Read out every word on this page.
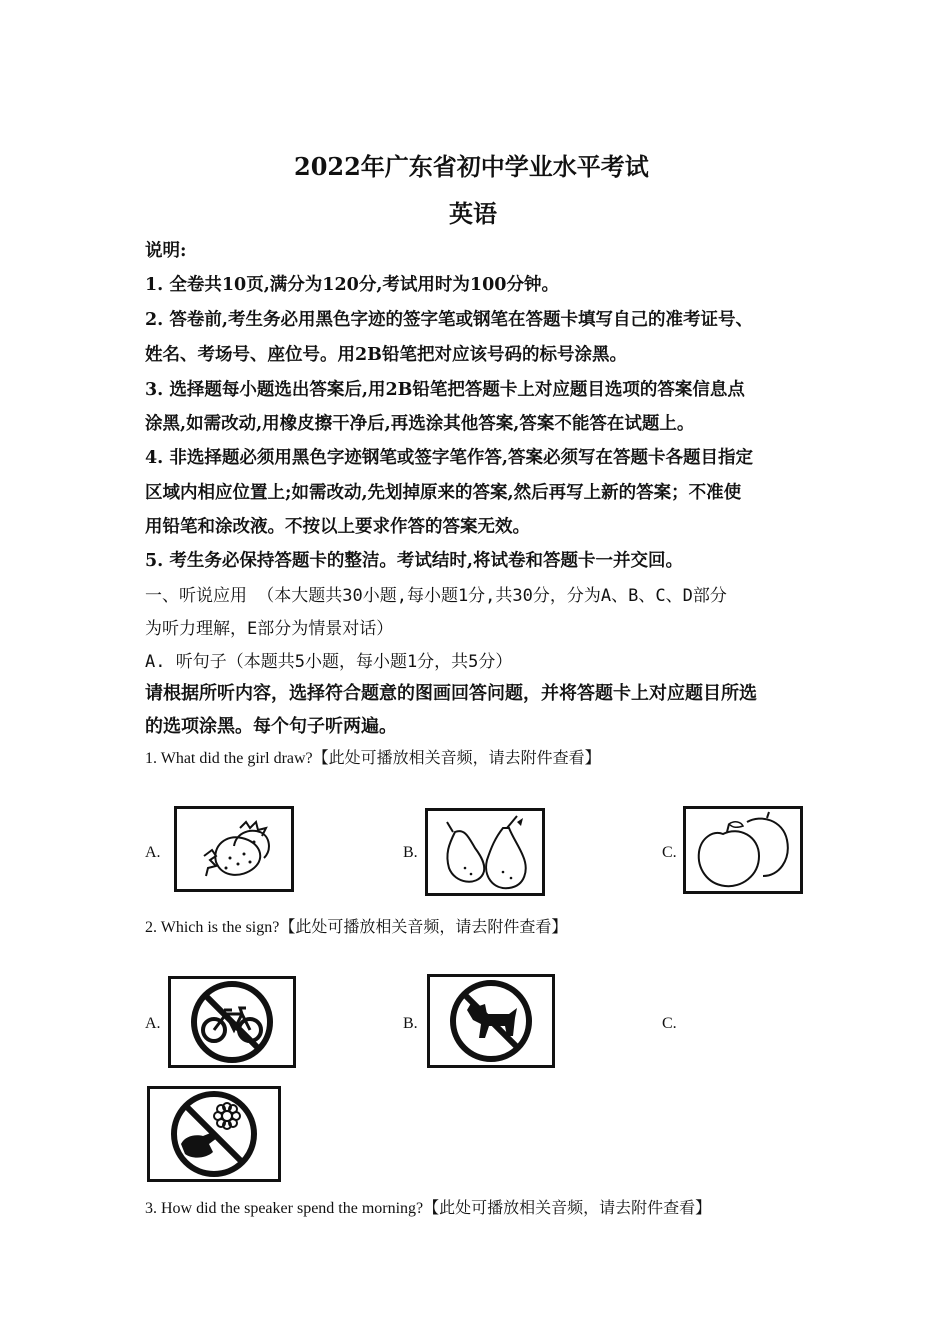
2022年广东省初中学业水平考试
英语
说明:
1. 全卷共10页,满分为120分,考试用时为100分钟。
2. 答卷前,考生务必用黑色字迹的签字笔或钢笔在答题卡填写自己的准考证号、
姓名、考场号、座位号。用2B铅笔把对应该号码的标号涂黑。
3. 选择题每小题选出答案后,用2B铅笔把答题卡上对应题目选项的答案信息点
涂黑,如需改动,用橡皮擦干净后,再选涂其他答案,答案不能答在试题上。
4. 非选择题必须用黑色字迹钢笔或签字笔作答,答案必须写在答题卡各题目指定
区域内相应位置上;如需改动,先划掉原来的答案,然后再写上新的答案；不准使
用铅笔和涂改液。不按以上要求作答的答案无效。
5. 考生务必保持答题卡的整洁。考试结时,将试卷和答题卡一并交回。
一、听说应用 （本大题共30小题,每小题1分,共30分，分为A、B、C、D部分
为听力理解，E部分为情景对话）
A. 听句子（本题共5小题，每小题1分，共5分）
请根据所听内容，选择符合题意的图画回答问题，并将答题卡上对应题目所选
的选项涂黑。每个句子听两遍。
1. What did the girl draw?【此处可播放相关音频，请去附件查看】
A.	B.	C.
2. Which is the sign?【此处可播放相关音频，请去附件查看】
A.	B.	C.
3. How did the speaker spend the morning?【此处可播放相关音频，请去附件查看】
